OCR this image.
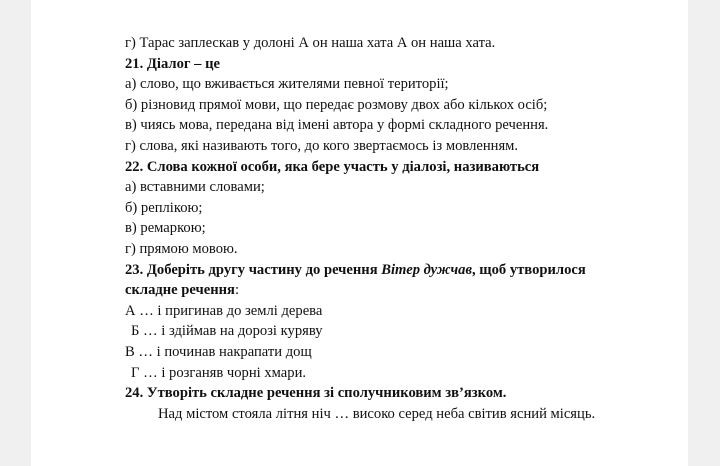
г) Тарас заплескав у долоні А он наша хата А он наша хата.
21. Діалог – це
а) слово, що вживається жителями певної території;
б) різновид прямої мови, що передає розмову двох або кількох осіб;
в) чиясь мова, передана від імені автора у формі складного речення.
г) слова, які називають того, до кого звертаємось із мовленням.
22. Слова кожної особи, яка бере участь у діалозі, називаються
а) вставними словами;
б) реплікою;
в) ремаркою;
г) прямою мовою.
23. Доберіть другу частину до речення Вітер дужчав, щоб утворилося
складне речення:
А … і пригинав до землі дерева
Б … і здіймав на дорозі куряву
В … і починав накрапати дощ
Г … і розганяв чорні хмари.
24. Утворіть складне речення зі сполучниковим зв’язком.
Над містом стояла літня ніч … високо серед неба світив ясний місяць.
